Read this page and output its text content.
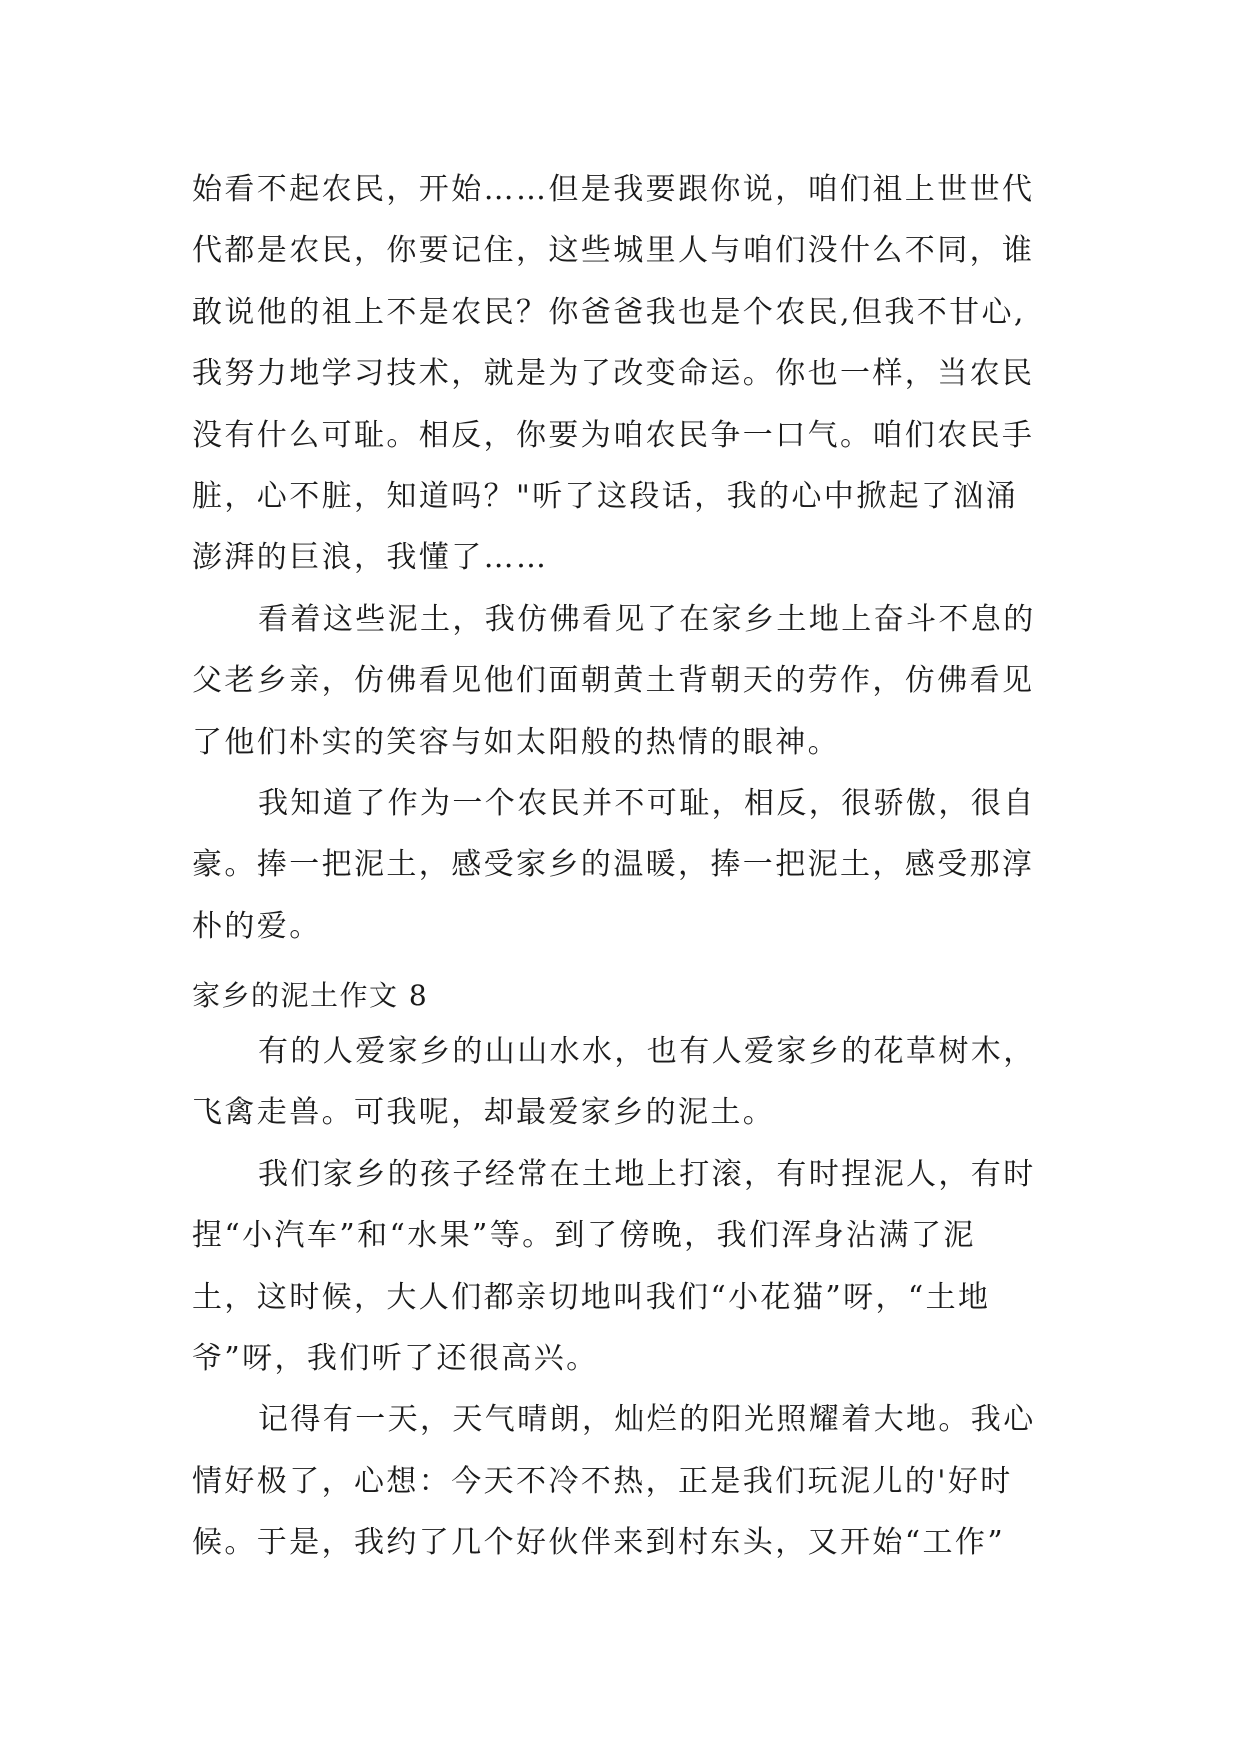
始看不起农民，开始……但是我要跟你说，咱们祖上世世代
代都是农民，你要记住，这些城里人与咱们没什么不同，谁
敢说他的祖上不是农民？你爸爸我也是个农民,但我不甘心,
我努力地学习技术，就是为了改变命运。你也一样，当农民
没有什么可耻。相反，你要为咱农民争一口气。咱们农民手
脏，心不脏，知道吗？"听了这段话，我的心中掀起了汹涌
澎湃的巨浪，我懂了……
看着这些泥土，我仿佛看见了在家乡土地上奋斗不息的
父老乡亲，仿佛看见他们面朝黄土背朝天的劳作，仿佛看见
了他们朴实的笑容与如太阳般的热情的眼神。
我知道了作为一个农民并不可耻，相反，很骄傲，很自
豪。捧一把泥土，感受家乡的温暖，捧一把泥土，感受那淳
朴的爱。
家乡的泥土作文 8
有的人爱家乡的山山水水，也有人爱家乡的花草树木，
飞禽走兽。可我呢，却最爱家乡的泥土。
我们家乡的孩子经常在土地上打滚，有时捏泥人，有时
捏“小汽车”和“水果”等。到了傍晚，我们浑身沾满了泥
土，这时候，大人们都亲切地叫我们“小花猫”呀，“土地
爷”呀，我们听了还很高兴。
记得有一天，天气晴朗，灿烂的阳光照耀着大地。我心
情好极了，心想：今天不冷不热，正是我们玩泥儿的'好时
候。于是，我约了几个好伙伴来到村东头，又开始“工作”
